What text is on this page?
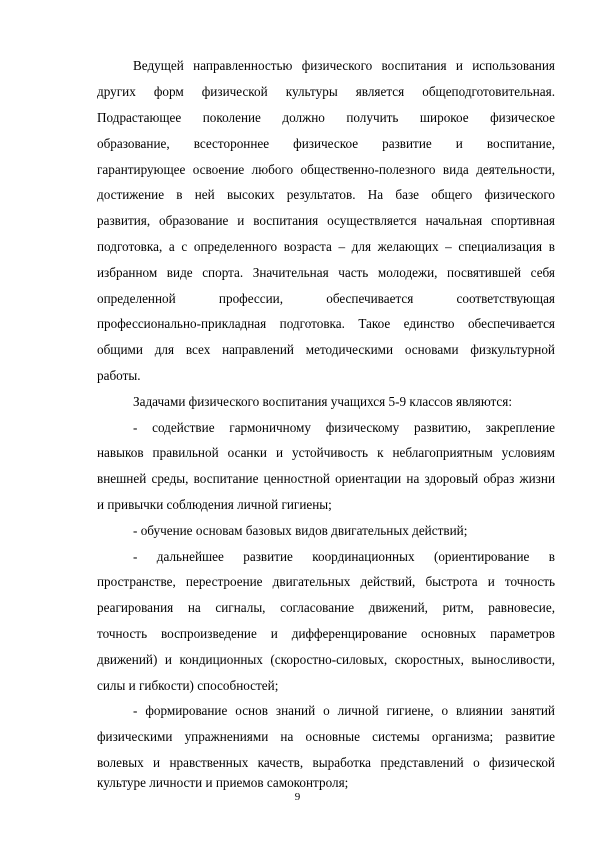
Ведущей направленностью физического воспитания и использования
других форм физической культуры является общеподготовительная.
Подрастающее поколение должно получить широкое физическое
образование, всестороннее физическое развитие и воспитание,
гарантирующее освоение любого общественно-полезного вида деятельности,
достижение в ней высоких результатов. На базе общего физического
развития, образование и воспитания осуществляется начальная спортивная
подготовка, а с определенного возраста – для желающих – специализация в
избранном виде спорта. Значительная часть молодежи, посвятившей себя
определенной профессии, обеспечивается соответствующая
профессионально-прикладная подготовка. Такое единство обеспечивается
общими для всех направлений методическими основами физкультурной
работы.
Задачами физического воспитания учащихся 5-9 классов являются:
- содействие гармоничному физическому развитию, закрепление
навыков правильной осанки и устойчивость к неблагоприятным условиям
внешней среды, воспитание ценностной ориентации на здоровый образ жизни
и привычки соблюдения личной гигиены;
- обучение основам базовых видов двигательных действий;
- дальнейшее развитие координационных (ориентирование в
пространстве, перестроение двигательных действий, быстрота и точность
реагирования на сигналы, согласование движений, ритм, равновесие,
точность воспроизведение и дифференцирование основных параметров
движений) и кондиционных (скоростно-силовых, скоростных, выносливости,
силы и гибкости) способностей;
- формирование основ знаний о личной гигиене, о влиянии занятий
физическими упражнениями на основные системы организма; развитие
волевых и нравственных качеств, выработка представлений о физической
культуре личности и приемов самоконтроля;
9
